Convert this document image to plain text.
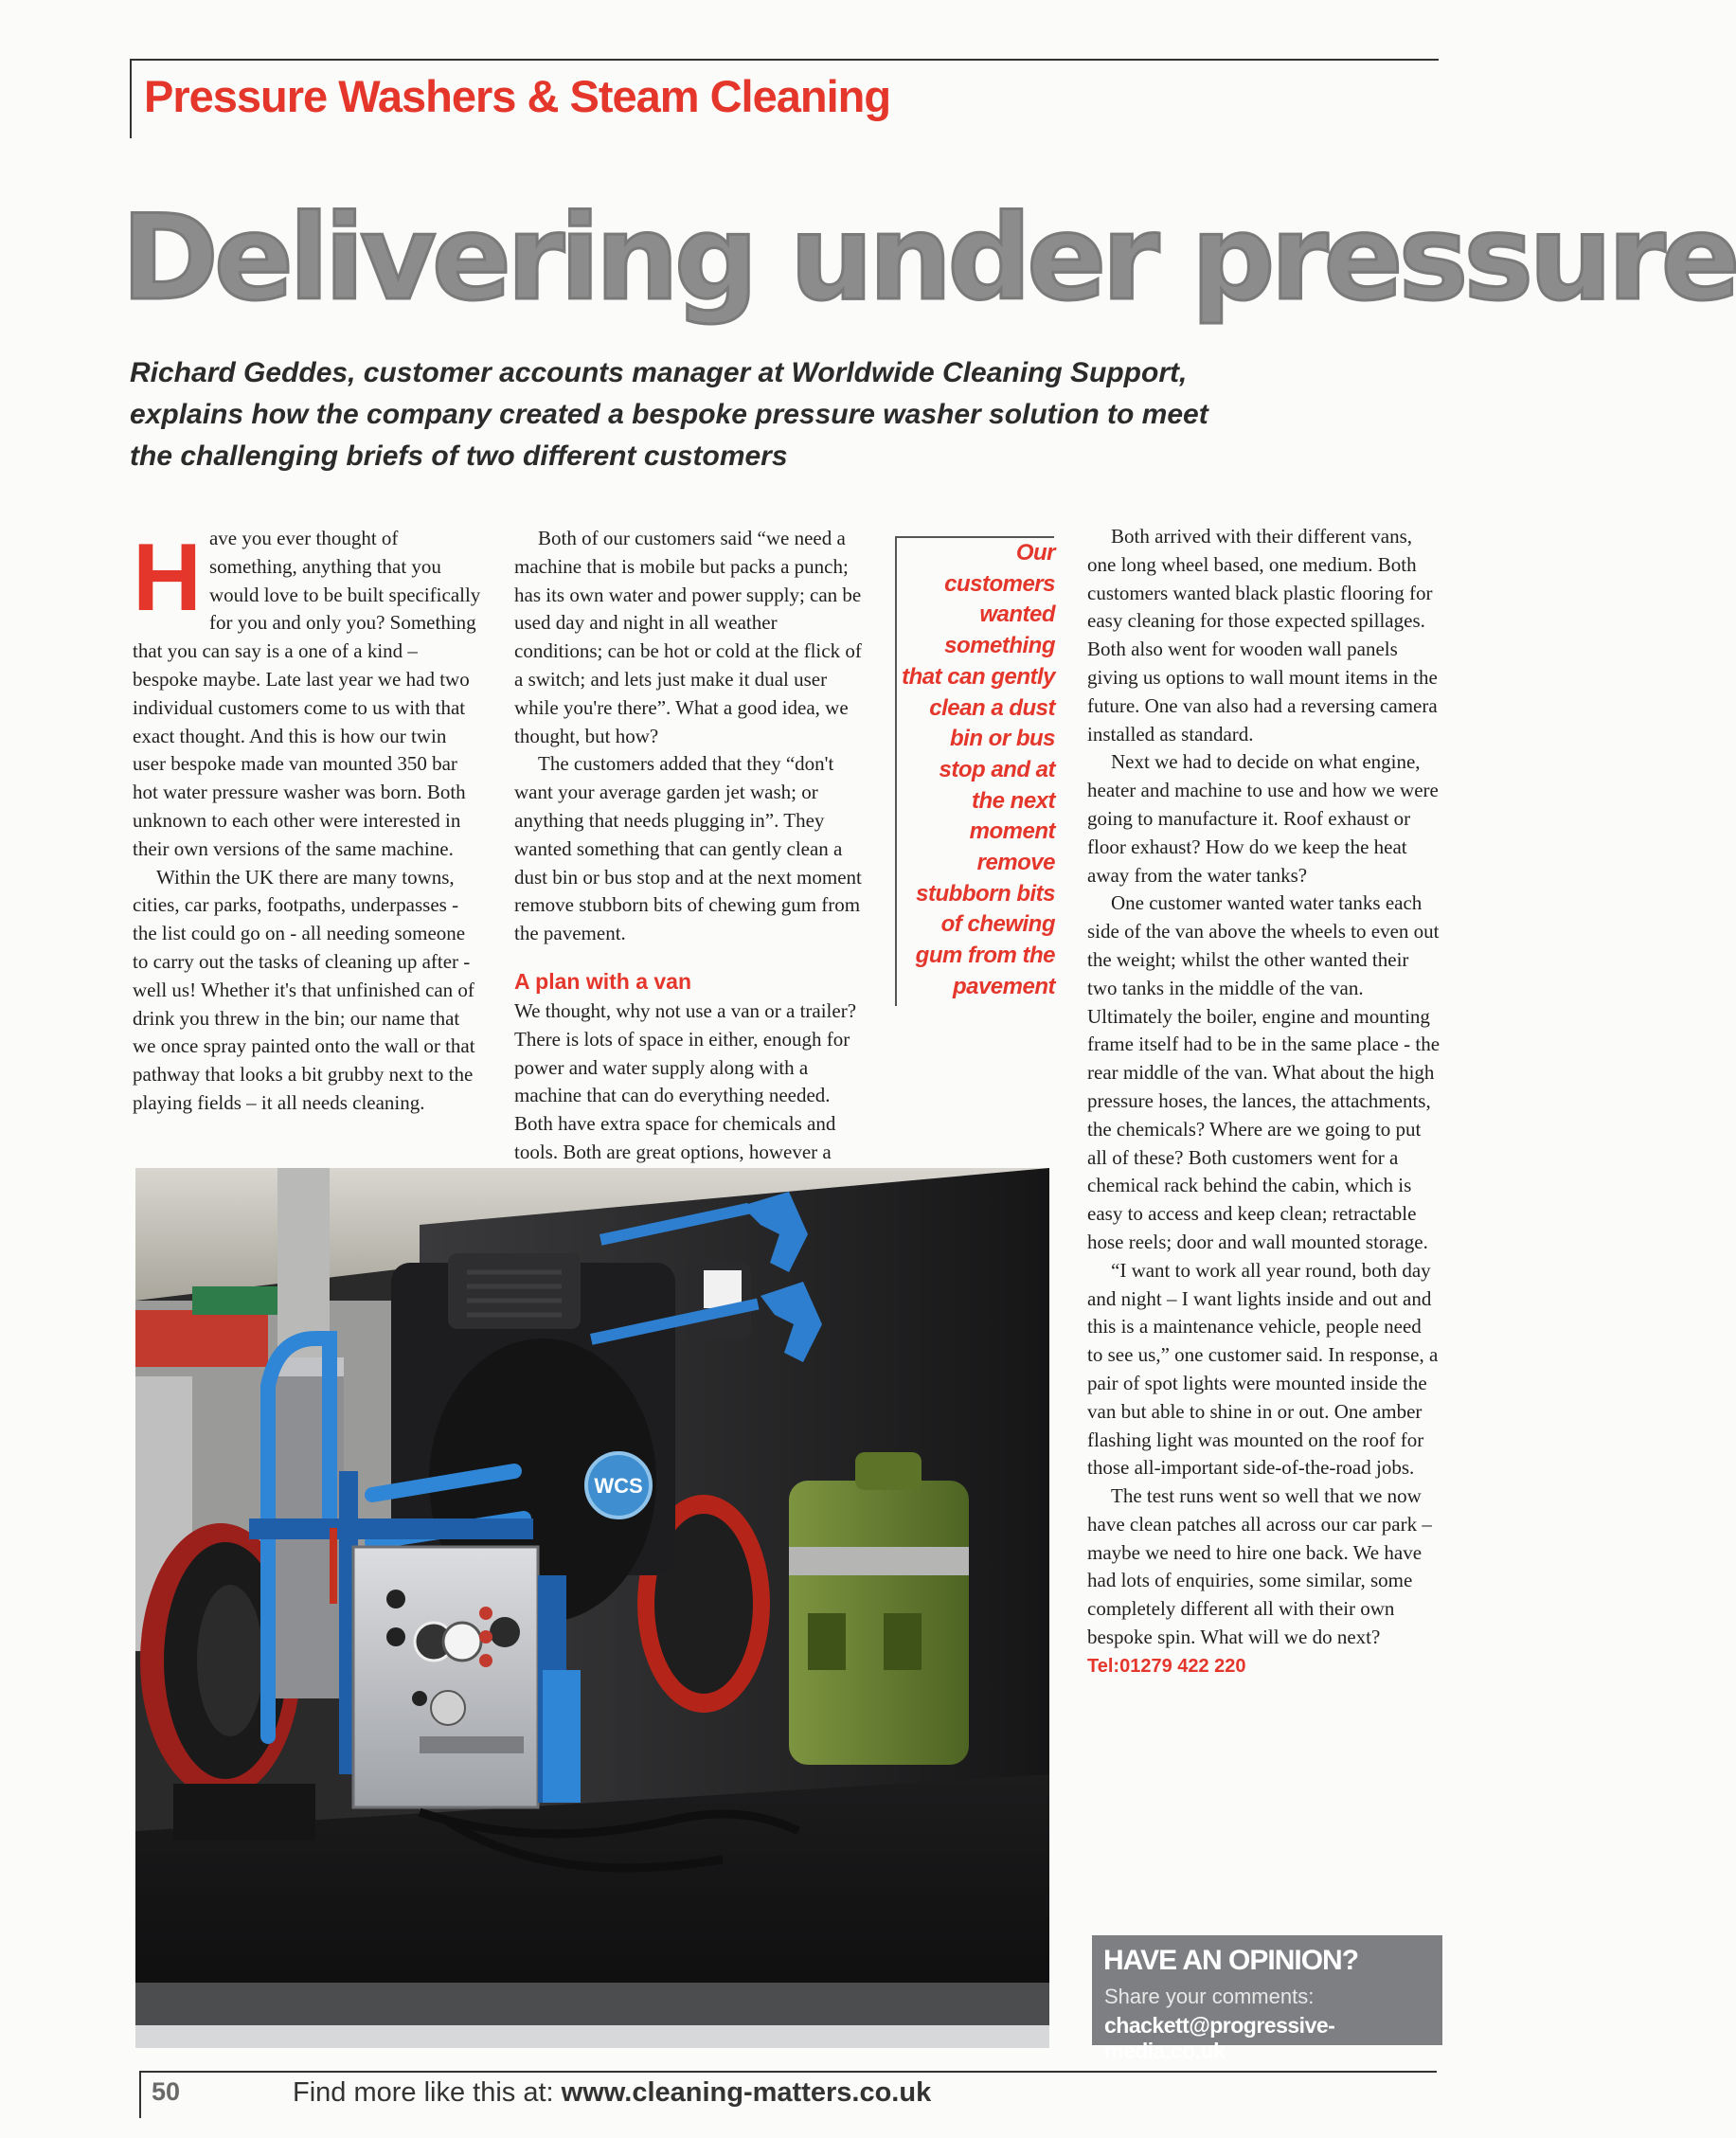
Pressure Washers & Steam Cleaning
Delivering under pressure
Richard Geddes, customer accounts manager at Worldwide Cleaning Support, explains how the company created a bespoke pressure washer solution to meet the challenging briefs of two different customers

Have you ever thought of something, anything that you would love to be built specifically for you and only you? Something that you can say is a one of a kind – bespoke maybe. Late last year we had two individual customers come to us with that exact thought. And this is how our twin user bespoke made van mounted 350 bar hot water pressure washer was born. Both unknown to each other were interested in their own versions of the same machine.

Within the UK there are many towns, cities, car parks, footpaths, underpasses - the list could go on - all needing someone to carry out the tasks of cleaning up after - well us! Whether it's that unfinished can of drink you threw in the bin; our name that we once spray painted onto the wall or that pathway that looks a bit grubby next to the playing fields – it all needs cleaning.

Both of our customers said “we need a machine that is mobile but packs a punch; has its own water and power supply; can be used day and night in all weather conditions; can be hot or cold at the flick of a switch; and lets just make it dual user while you're there”. What a good idea, we thought, but how?

The customers added that they “don't want your average garden jet wash; or anything that needs plugging in”. They wanted something that can gently clean a dust bin or bus stop and at the next moment remove stubborn bits of chewing gum from the pavement.

A plan with a van

We thought, why not use a van or a trailer? There is lots of space in either, enough for power and water supply along with a machine that can do everything needed. Both have extra space for chemicals and tools. Both are great options, however a

Our customers wanted something that can gently clean a dust bin or bus stop and at the next moment remove stubborn bits of chewing gum from the pavement

Both arrived with their different vans, one long wheel based, one medium. Both customers wanted black plastic flooring for easy cleaning for those expected spillages. Both also went for wooden wall panels giving us options to wall mount items in the future. One van also had a reversing camera installed as standard.

Next we had to decide on what engine, heater and machine to use and how we were going to manufacture it. Roof exhaust or floor exhaust? How do we keep the heat away from the water tanks?

One customer wanted water tanks each side of the van above the wheels to even out the weight; whilst the other wanted their two tanks in the middle of the van. Ultimately the boiler, engine and mounting frame itself had to be in the same place - the rear middle of the van. What about the high pressure hoses, the lances, the attachments, the chemicals? Where are we going to put all of these? Both customers went for a chemical rack behind the cabin, which is easy to access and keep clean; retractable hose reels; door and wall mounted storage.

“I want to work all year round, both day and night – I want lights inside and out and this is a maintenance vehicle, people need to see us,” one customer said. In response, a pair of spot lights were mounted inside the van but able to shine in or out. One amber flashing light was mounted on the roof for those all-important side-of-the-road jobs.

The test runs went so well that we now have clean patches all across our car park – maybe we need to hire one back. We have had lots of enquiries, some similar, some completely different all with their own bespoke spin. What will we do next?

Tel:01279 422 220
HAVE AN OPINION?
Share your comments:
chackett@progressive-media.co.uk
WCS
50	Find more like this at: www.cleaning-matters.co.uk
